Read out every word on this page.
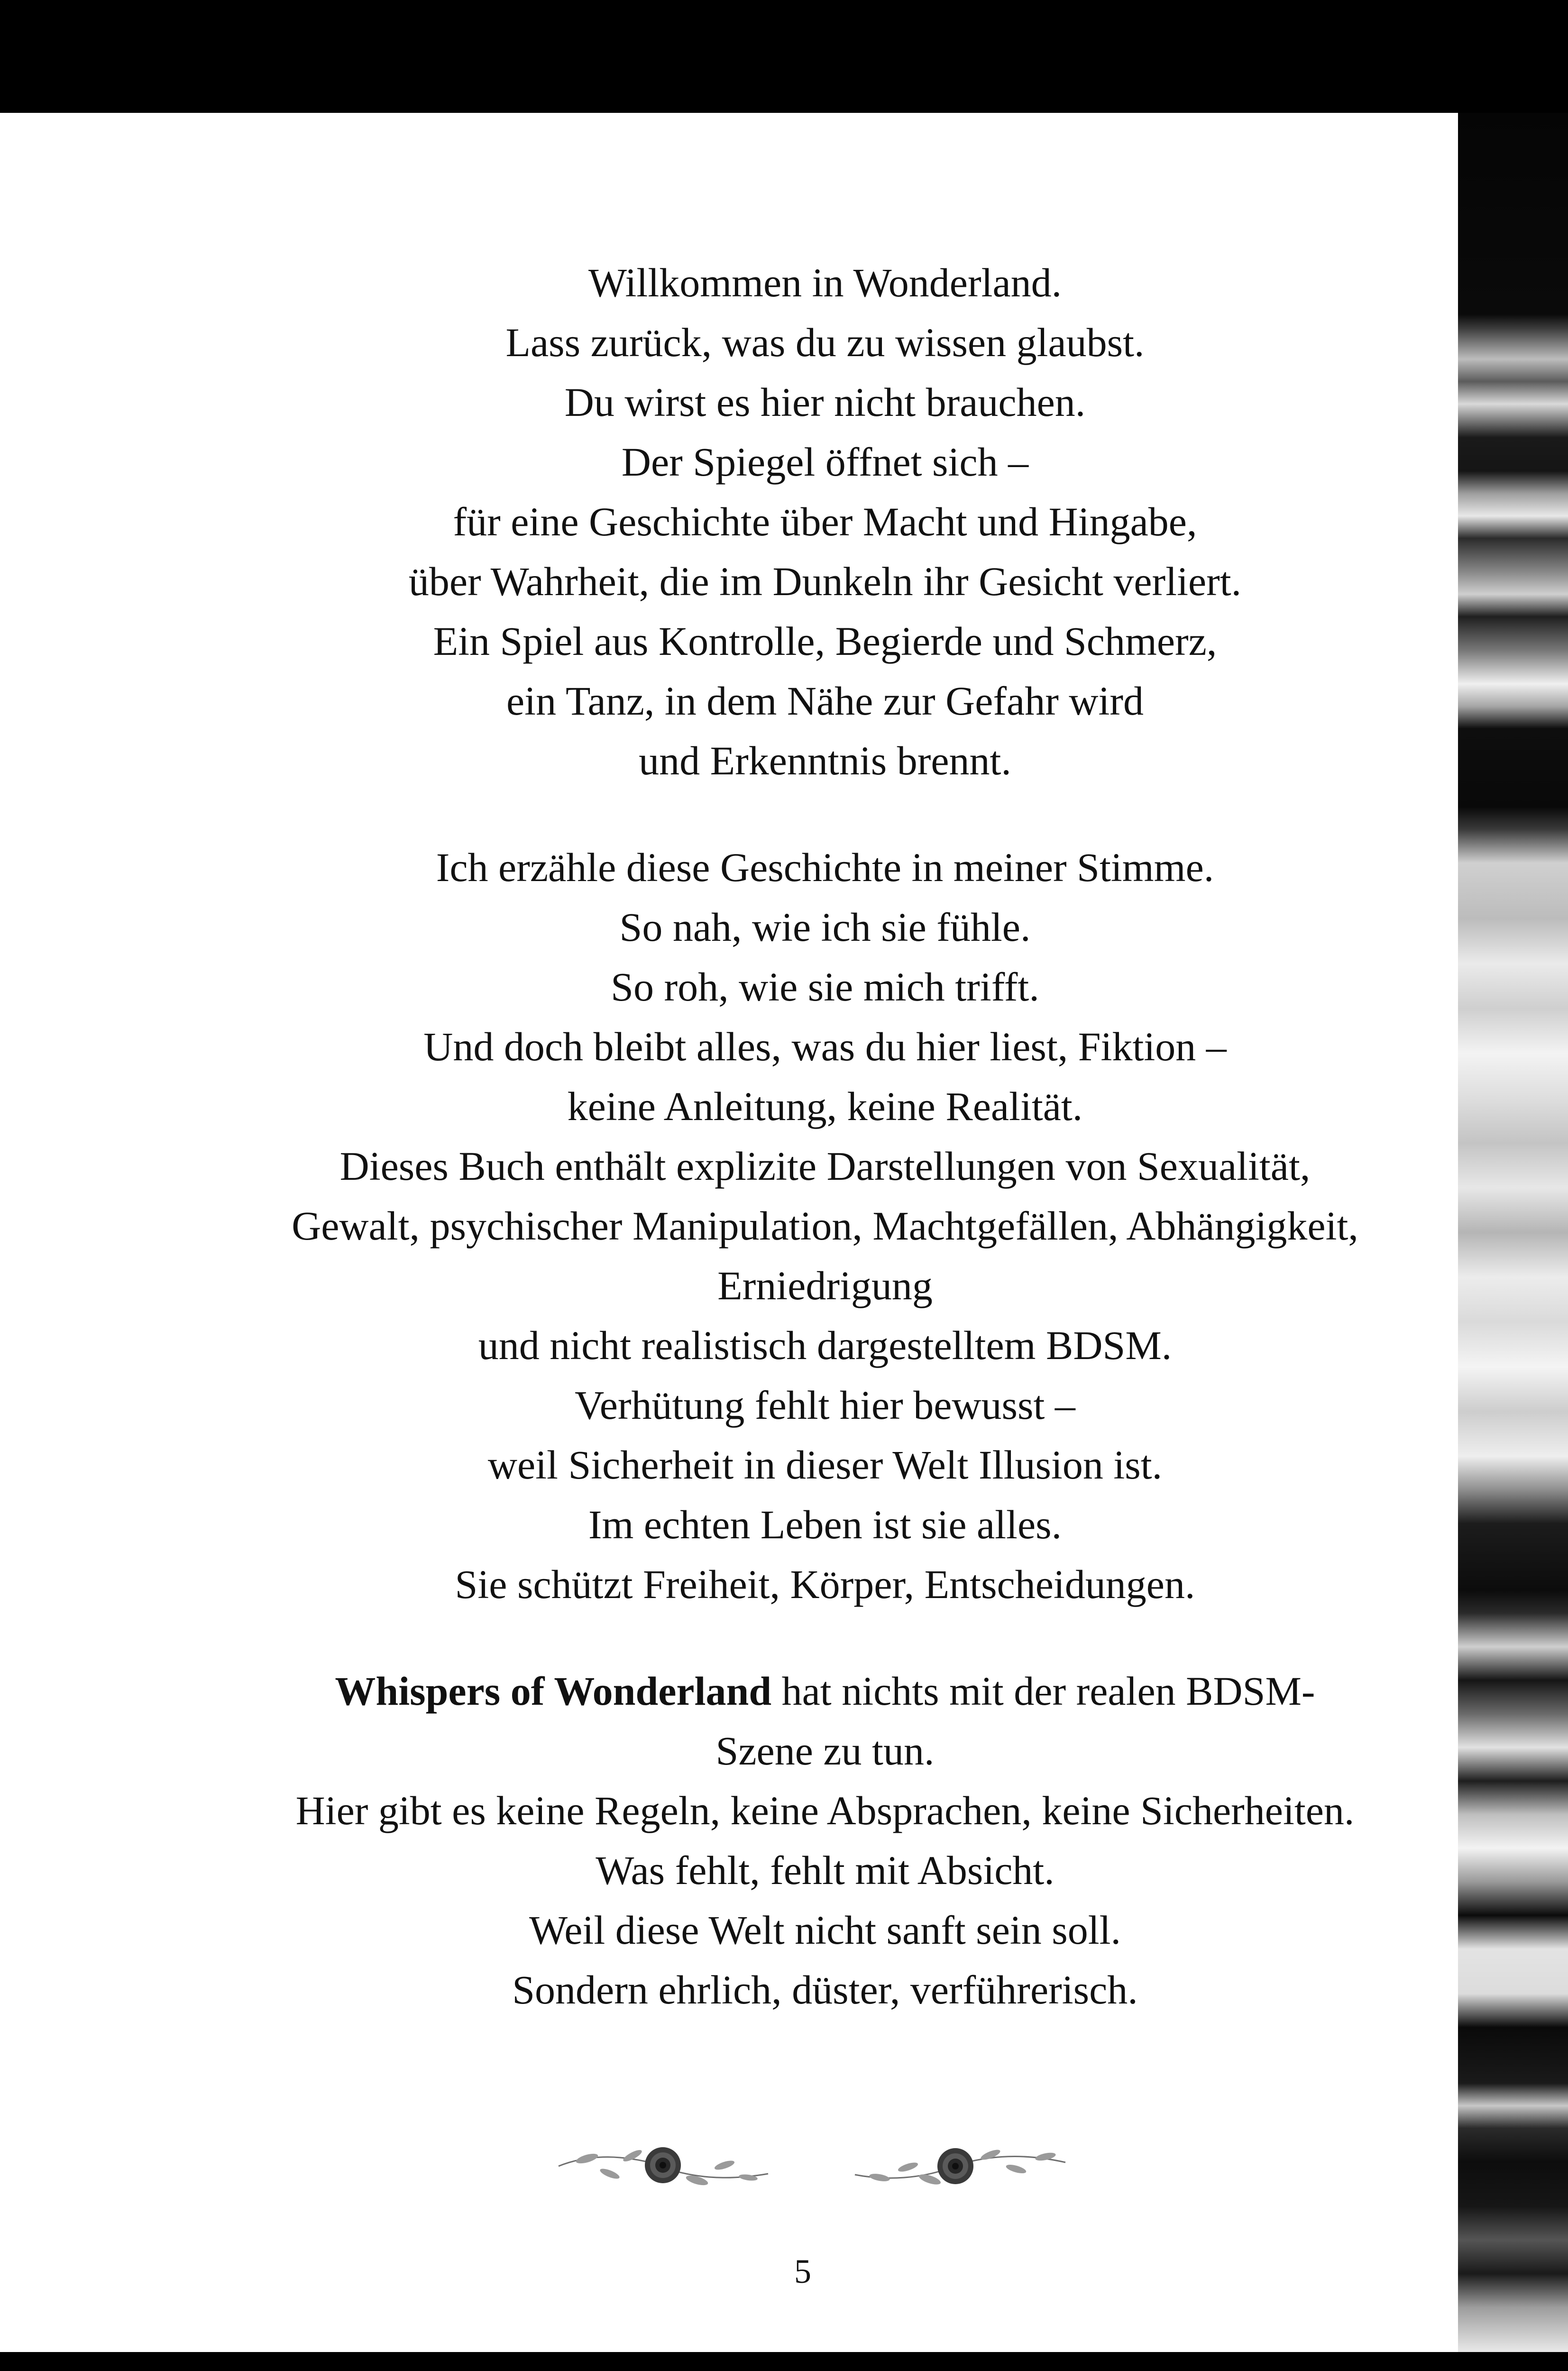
Willkommen in Wonderland.

Lass zurück, was du zu wissen glaubst.

Du wirst es hier nicht brauchen.

Der Spiegel öffnet sich –

für eine Geschichte über Macht und Hingabe,

über Wahrheit, die im Dunkeln ihr Gesicht verliert.

Ein Spiel aus Kontrolle, Begierde und Schmerz,

ein Tanz, in dem Nähe zur Gefahr wird

und Erkenntnis brennt.

Ich erzähle diese Geschichte in meiner Stimme.

So nah, wie ich sie fühle.

So roh, wie sie mich trifft.

Und doch bleibt alles, was du hier liest, Fiktion –

keine Anleitung, keine Realität.

Dieses Buch enthält explizite Darstellungen von Sexualität,

Gewalt, psychischer Manipulation, Machtgefällen, Abhängigkeit,

Erniedrigung

und nicht realistisch dargestelltem BDSM.

Verhütung fehlt hier bewusst –

weil Sicherheit in dieser Welt Illusion ist.

Im echten Leben ist sie alles.

Sie schützt Freiheit, Körper, Entscheidungen.

Whispers of Wonderland hat nichts mit der realen BDSM-

Szene zu tun.

Hier gibt es keine Regeln, keine Absprachen, keine Sicherheiten.

Was fehlt, fehlt mit Absicht.

Weil diese Welt nicht sanft sein soll.

Sondern ehrlich, düster, verführerisch.

5
